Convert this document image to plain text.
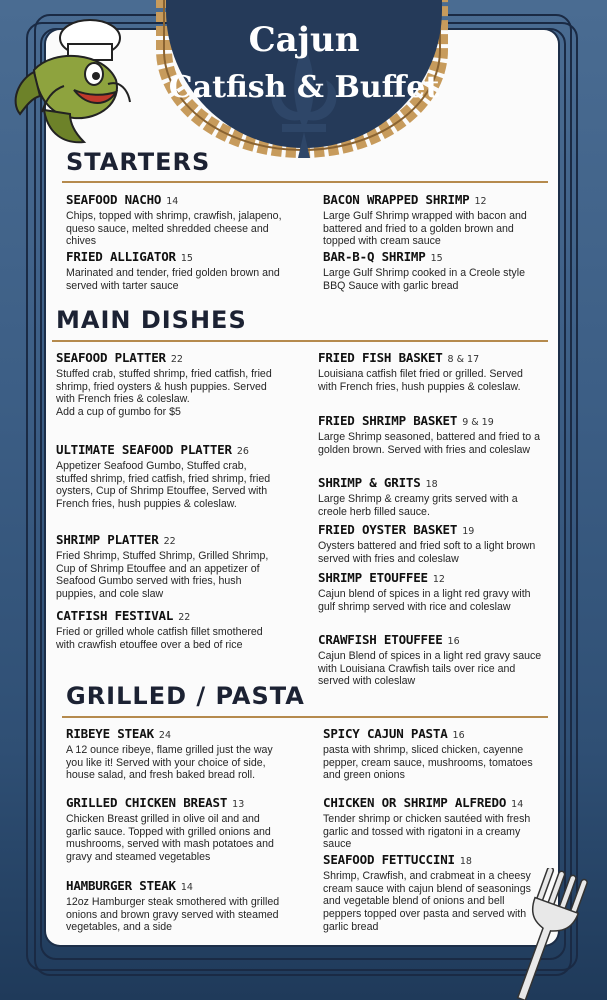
Cajun
Catfish & Buffet
STARTERS
SEAFOOD NACHO 14
Chips, topped with shrimp, crawfish, jalapeno, queso sauce, melted shredded cheese and chives
FRIED ALLIGATOR 15
Marinated and tender, fried golden brown and served with tarter sauce
BACON WRAPPED SHRIMP 12
Large Gulf Shrimp wrapped with bacon and battered and fried to a golden brown and topped with cream sauce
BAR-B-Q SHRIMP 15
Large Gulf Shrimp cooked in a Creole style BBQ Sauce with garlic bread
MAIN DISHES
SEAFOOD PLATTER 22
Stuffed crab, stuffed shrimp, fried catfish, fried shrimp, fried oysters & hush puppies. Served with French fries & coleslaw.
Add a cup of gumbo for $5
ULTIMATE SEAFOOD PLATTER 26
Appetizer Seafood Gumbo, Stuffed crab, stuffed shrimp, fried catfish, fried shrimp, fried oysters, Cup of Shrimp Etouffee, Served with French fries, hush puppies & coleslaw.
SHRIMP PLATTER 22
Fried Shrimp, Stuffed Shrimp, Grilled Shrimp, Cup of Shrimp Etouffee and an appetizer of Seafood Gumbo served with fries, hush puppies, and cole slaw
CATFISH FESTIVAL 22
Fried or grilled whole catfish fillet smothered with crawfish etouffee over a bed of rice
FRIED FISH BASKET 8 & 17
Louisiana catfish filet fried or grilled. Served with French fries, hush puppies & coleslaw.
FRIED SHRIMP BASKET 9 & 19
Large Shrimp seasoned, battered and fried to a golden brown. Served with fries and coleslaw
SHRIMP & GRITS 18
Large Shrimp & creamy grits served with a creole herb filled sauce.
FRIED OYSTER BASKET 19
Oysters battered and fried soft to a light brown served with fries and coleslaw
SHRIMP ETOUFFEE 12
Cajun blend of spices in a light red gravy with gulf shrimp served with rice and coleslaw
CRAWFISH ETOUFFEE 16
Cajun Blend of spices in a light red gravy sauce with Louisiana Crawfish tails over rice and served with coleslaw
GRILLED / PASTA
RIBEYE STEAK 24
A 12 ounce ribeye, flame grilled just the way you like it! Served with your choice of side, house salad, and fresh baked bread roll.
GRILLED CHICKEN BREAST 13
Chicken Breast grilled in olive oil and and garlic sauce. Topped with grilled onions and mushrooms, served with mash potatoes and gravy and steamed vegetables
HAMBURGER STEAK 14
12oz Hamburger steak smothered with grilled onions and brown gravy served with steamed vegetables, and a side
SPICY CAJUN PASTA 16
pasta with shrimp, sliced chicken, cayenne pepper, cream sauce, mushrooms, tomatoes and green onions
CHICKEN OR SHRIMP ALFREDO 14
Tender shrimp or chicken sautéed with fresh garlic and tossed with rigatoni in a creamy sauce
SEAFOOD FETTUCCINI 18
Shrimp, Crawfish, and crabmeat in a cheesy cream sauce with cajun blend of seasonings and vegetable blend of onions and bell peppers topped over pasta and served with garlic bread
